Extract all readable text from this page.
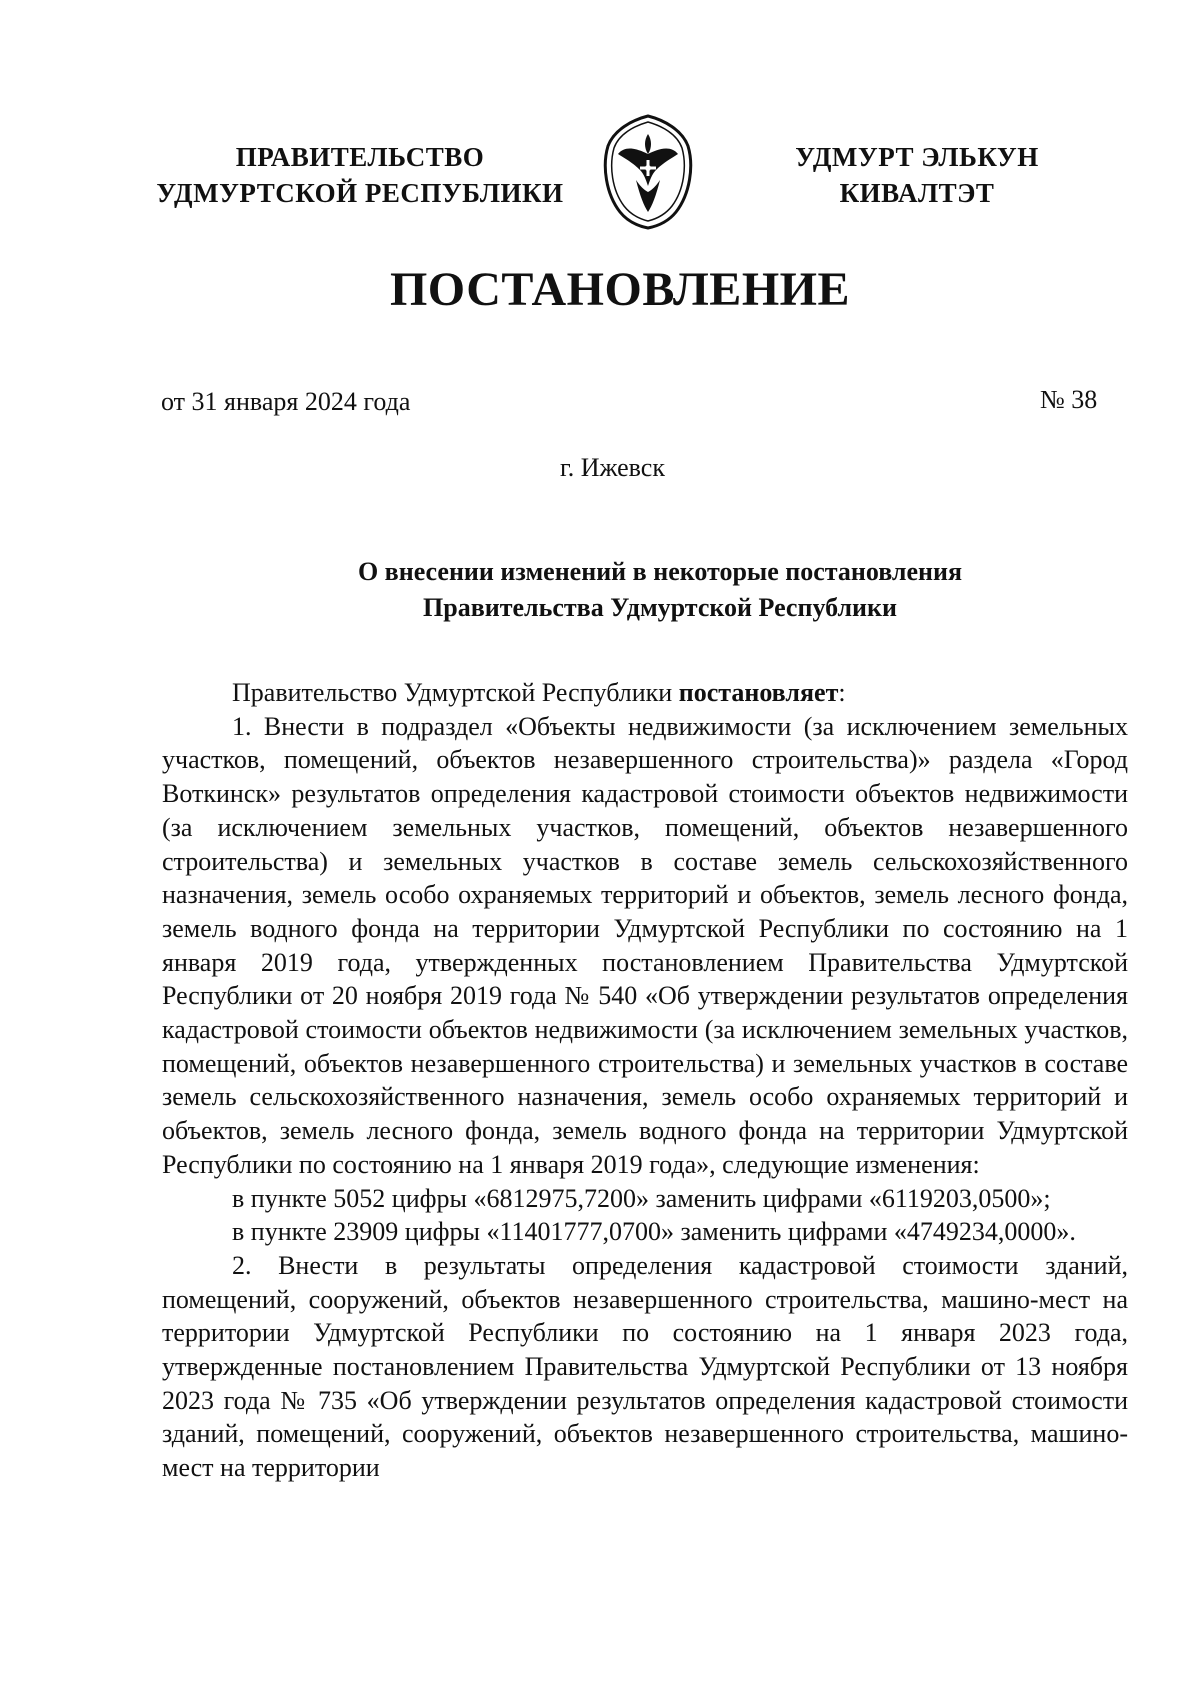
ПРАВИТЕЛЬСТВО
УДМУРТСКОЙ РЕСПУБЛИКИ
УДМУРТ ЭЛЬКУН
КИВАЛТЭТ
ПОСТАНОВЛЕНИЕ
от 31 января 2024 года	№ 38
г. Ижевск
О внесении изменений в некоторые постановления
Правительства Удмуртской Республики

Правительство Удмуртской Республики постановляет:

1. Внести в подраздел «Объекты недвижимости (за исключением земельных участков, помещений, объектов незавершенного строительства)» раздела «Город Воткинск» результатов определения кадастровой стоимости объектов недвижимости (за исключением земельных участков, помещений, объектов незавершенного строительства) и земельных участков в составе земель сельскохозяйственного назначения, земель особо охраняемых территорий и объектов, земель лесного фонда, земель водного фонда на территории Удмуртской Республики по состоянию на 1 января 2019 года, утвержденных постановлением Правительства Удмуртской Республики от 20 ноября 2019 года № 540 «Об утверждении результатов определения кадастровой стоимости объектов недвижимости (за исключением земельных участков, помещений, объектов незавершенного строительства) и земельных участков в составе земель сельскохозяйственного назначения, земель особо охраняемых территорий и объектов, земель лесного фонда, земель водного фонда на территории Удмуртской Республики по состоянию на 1 января 2019 года», следующие изменения:

в пункте 5052 цифры «6812975,7200» заменить цифрами «6119203,0500»;

в пункте 23909 цифры «11401777,0700» заменить цифрами «4749234,0000».

2. Внести в результаты определения кадастровой стоимости зданий, помещений, сооружений, объектов незавершенного строительства, машино-мест на территории Удмуртской Республики по состоянию на 1 января 2023 года, утвержденные постановлением Правительства Удмуртской Республики от 13 ноября 2023 года № 735 «Об утверждении результатов определения кадастровой стоимости зданий, помещений, сооружений, объектов незавершенного строительства, машино-мест на территории
